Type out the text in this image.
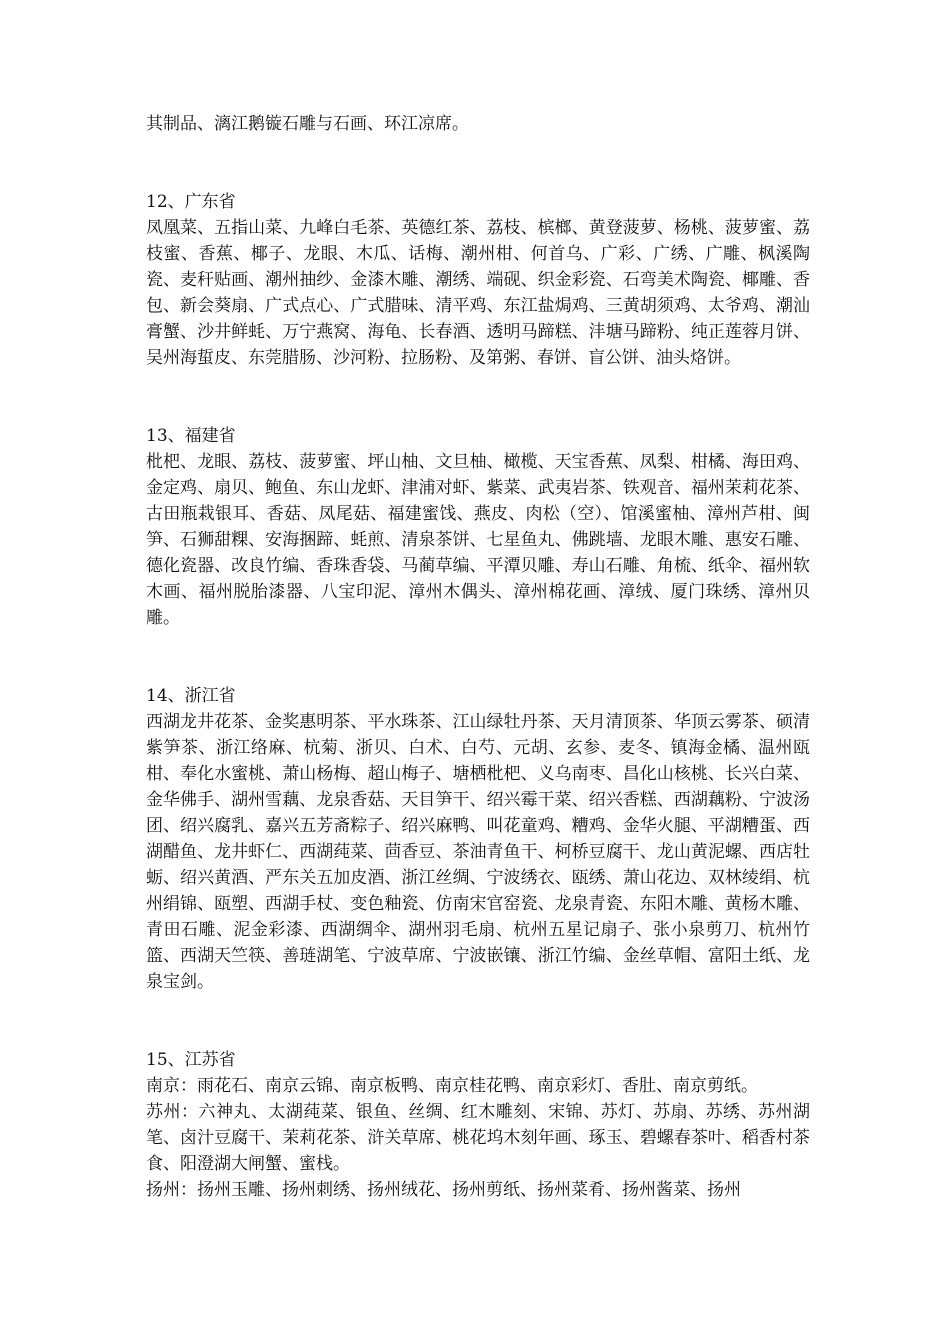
其制品、漓江鹅镟石雕与石画、环江凉席。

12、广东省

凤凰菜、五指山菜、九峰白毛茶、英德红茶、荔枝、槟榔、黄登菠萝、杨桃、菠萝蜜、荔枝蜜、香蕉、椰子、龙眼、木瓜、话梅、潮州柑、何首乌、广彩、广绣、广雕、枫溪陶瓷、麦秆贴画、潮州抽纱、金漆木雕、潮绣、端砚、织金彩瓷、石弯美术陶瓷、椰雕、香包、新会葵扇、广式点心、广式腊味、清平鸡、东江盐焗鸡、三黄胡须鸡、太爷鸡、潮汕膏蟹、沙井鲜蚝、万宁燕窝、海龟、长春酒、透明马蹄糕、沣塘马蹄粉、纯正莲蓉月饼、吴州海蜇皮、东莞腊肠、沙河粉、拉肠粉、及第粥、春饼、盲公饼、油头烙饼。

13、福建省

枇杷、龙眼、荔枝、菠萝蜜、坪山柚、文旦柚、橄榄、天宝香蕉、凤梨、柑橘、海田鸡、金定鸡、扇贝、鲍鱼、东山龙虾、津浦对虾、紫菜、武夷岩茶、铁观音、福州茉莉花茶、古田瓶栽银耳、香菇、凤尾菇、福建蜜饯、燕皮、肉松（空）、馆溪蜜柚、漳州芦柑、闽笋、石狮甜粿、安海捆蹄、蚝煎、清泉茶饼、七星鱼丸、佛跳墙、龙眼木雕、惠安石雕、德化瓷器、改良竹编、香珠香袋、马蔺草编、平潭贝雕、寿山石雕、角梳、纸伞、福州软木画、福州脱胎漆器、八宝印泥、漳州木偶头、漳州棉花画、漳绒、厦门珠绣、漳州贝雕。

14、浙江省

西湖龙井花茶、金奖惠明茶、平水珠茶、江山绿牡丹茶、天月清顶茶、华顶云雾茶、硕清紫笋茶、浙江络麻、杭菊、浙贝、白术、白芍、元胡、玄参、麦冬、镇海金橘、温州瓯柑、奉化水蜜桃、萧山杨梅、超山梅子、塘栖枇杷、义乌南枣、昌化山核桃、长兴白菜、金华佛手、湖州雪藕、龙泉香菇、天目笋干、绍兴霉干菜、绍兴香糕、西湖藕粉、宁波汤团、绍兴腐乳、嘉兴五芳斋粽子、绍兴麻鸭、叫花童鸡、糟鸡、金华火腿、平湖糟蛋、西湖醋鱼、龙井虾仁、西湖莼菜、茴香豆、茶油青鱼干、柯桥豆腐干、龙山黄泥螺、西店牡蛎、绍兴黄酒、严东关五加皮酒、浙江丝绸、宁波绣衣、瓯绣、萧山花边、双林绫绢、杭州绢锦、瓯塑、西湖手杖、变色釉瓷、仿南宋官窑瓷、龙泉青瓷、东阳木雕、黄杨木雕、青田石雕、泥金彩漆、西湖绸伞、湖州羽毛扇、杭州五星记扇子、张小泉剪刀、杭州竹篮、西湖天竺筷、善琏湖笔、宁波草席、宁波嵌镶、浙江竹编、金丝草帽、富阳土纸、龙泉宝剑。

15、江苏省

南京：雨花石、南京云锦、南京板鸭、南京桂花鸭、南京彩灯、香肚、南京剪纸。

苏州：六神丸、太湖莼菜、银鱼、丝绸、红木雕刻、宋锦、苏灯、苏扇、苏绣、苏州湖笔、卤汁豆腐干、茉莉花茶、浒关草席、桃花坞木刻年画、琢玉、碧螺春茶叶、稻香村茶食、阳澄湖大闸蟹、蜜栈。

扬州：扬州玉雕、扬州刺绣、扬州绒花、扬州剪纸、扬州菜肴、扬州酱菜、扬州
